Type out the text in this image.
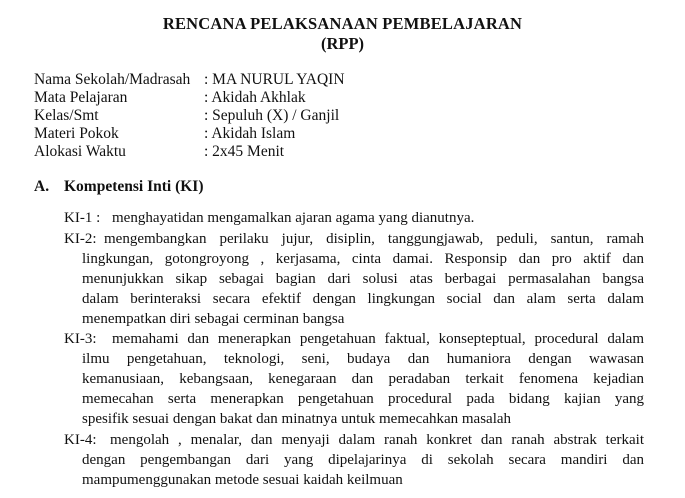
RENCANA PELAKSANAAN PEMBELAJARAN
(RPP)
Nama Sekolah/Madrasah : MA NURUL YAQIN
Mata Pelajaran	: Akidah Akhlak
Kelas/Smt	: Sepuluh (X) / Ganjil
Materi Pokok	: Akidah Islam
Alokasi Waktu	: 2x45 Menit
A. Kompetensi Inti (KI)
KI-1 : menghayatidan mengamalkan ajaran agama yang dianutnya.
KI-2: mengembangkan perilaku jujur, disiplin, tanggungjawab, peduli, santun, ramah
lingkungan, gotongroyong , kerjasama, cinta damai. Responsip dan pro aktif dan
menunjukkan sikap sebagai bagian dari solusi atas berbagai permasalahan bangsa
dalam berinteraksi secara efektif dengan lingkungan social dan alam serta dalam
menempatkan diri sebagai cerminan bangsa
KI-3: memahami dan menerapkan pengetahuan faktual, konsepteptual, procedural dalam
ilmu pengetahuan, teknologi, seni, budaya dan humaniora dengan wawasan
kemanusiaan, kebangsaan, kenegaraan dan peradaban terkait fenomena kejadian
memecahan serta menerapkan pengetahuan procedural pada bidang kajian yang
spesifik sesuai dengan bakat dan minatnya untuk memecahkan masalah
KI-4: mengolah , menalar, dan menyaji dalam ranah konkret dan ranah abstrak terkait
dengan pengembangan dari yang dipelajarinya di sekolah secara mandiri dan
mampumenggunakan metode sesuai kaidah keilmuan
